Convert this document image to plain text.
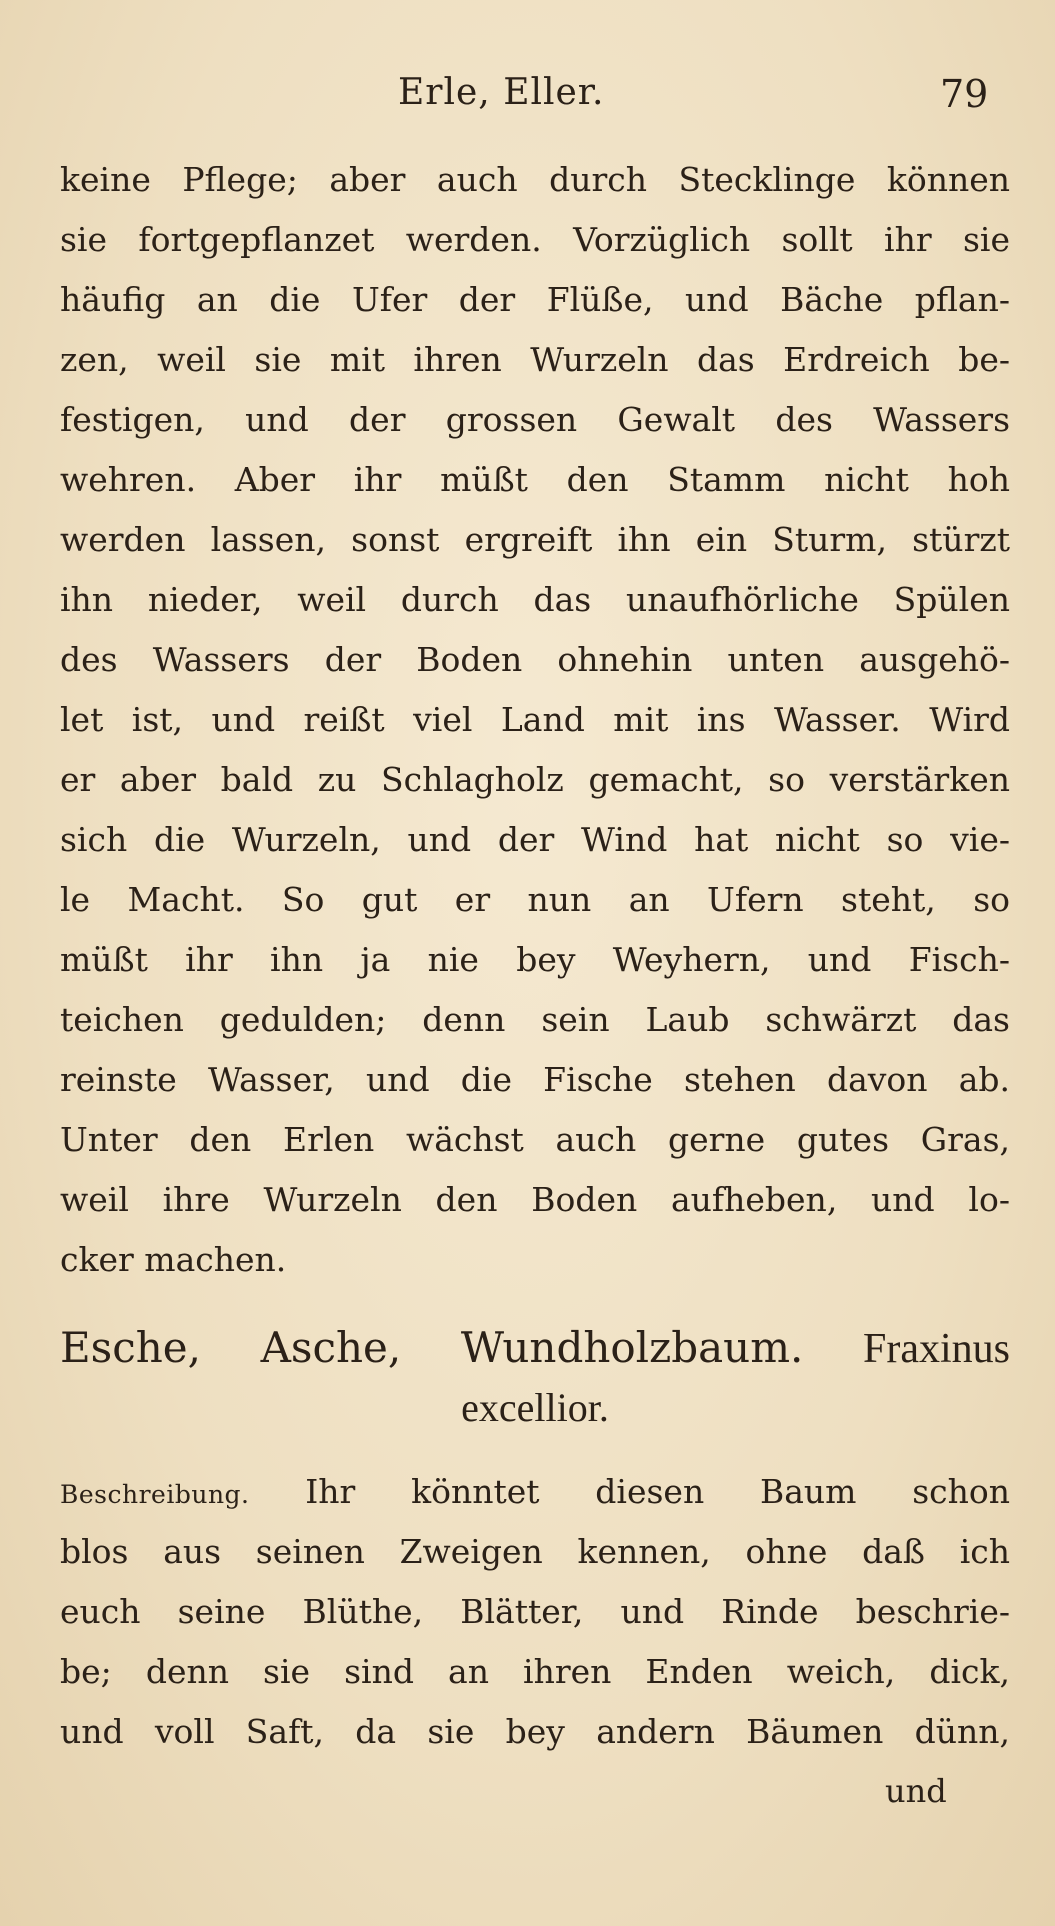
Erle, Eller.	79
keine Pflege; aber auch durch Stecklinge können
sie fortgepflanzet werden. Vorzüglich sollt ihr sie
häufig an die Ufer der Flüße, und Bäche pflan-
zen, weil sie mit ihren Wurzeln das Erdreich be-
festigen, und der grossen Gewalt des Wassers
wehren. Aber ihr müßt den Stamm nicht hoh
werden lassen, sonst ergreift ihn ein Sturm, stürzt
ihn nieder, weil durch das unaufhörliche Spülen
des Wassers der Boden ohnehin unten ausgehö-
let ist, und reißt viel Land mit ins Wasser. Wird
er aber bald zu Schlagholz gemacht, so verstärken
sich die Wurzeln, und der Wind hat nicht so vie-
le Macht. So gut er nun an Ufern steht, so
müßt ihr ihn ja nie bey Weyhern, und Fisch-
teichen gedulden; denn sein Laub schwärzt das
reinste Wasser, und die Fische stehen davon ab.
Unter den Erlen wächst auch gerne gutes Gras,
weil ihre Wurzeln den Boden aufheben, und lo-
cker machen.
Esche, Asche, Wundholzbaum. Fraxinus
excellior.
Beschreibung. Ihr könntet diesen Baum schon
blos aus seinen Zweigen kennen, ohne daß ich
euch seine Blüthe, Blätter, und Rinde beschrie-
be; denn sie sind an ihren Enden weich, dick,
und voll Saft, da sie bey andern Bäumen dünn,
und
